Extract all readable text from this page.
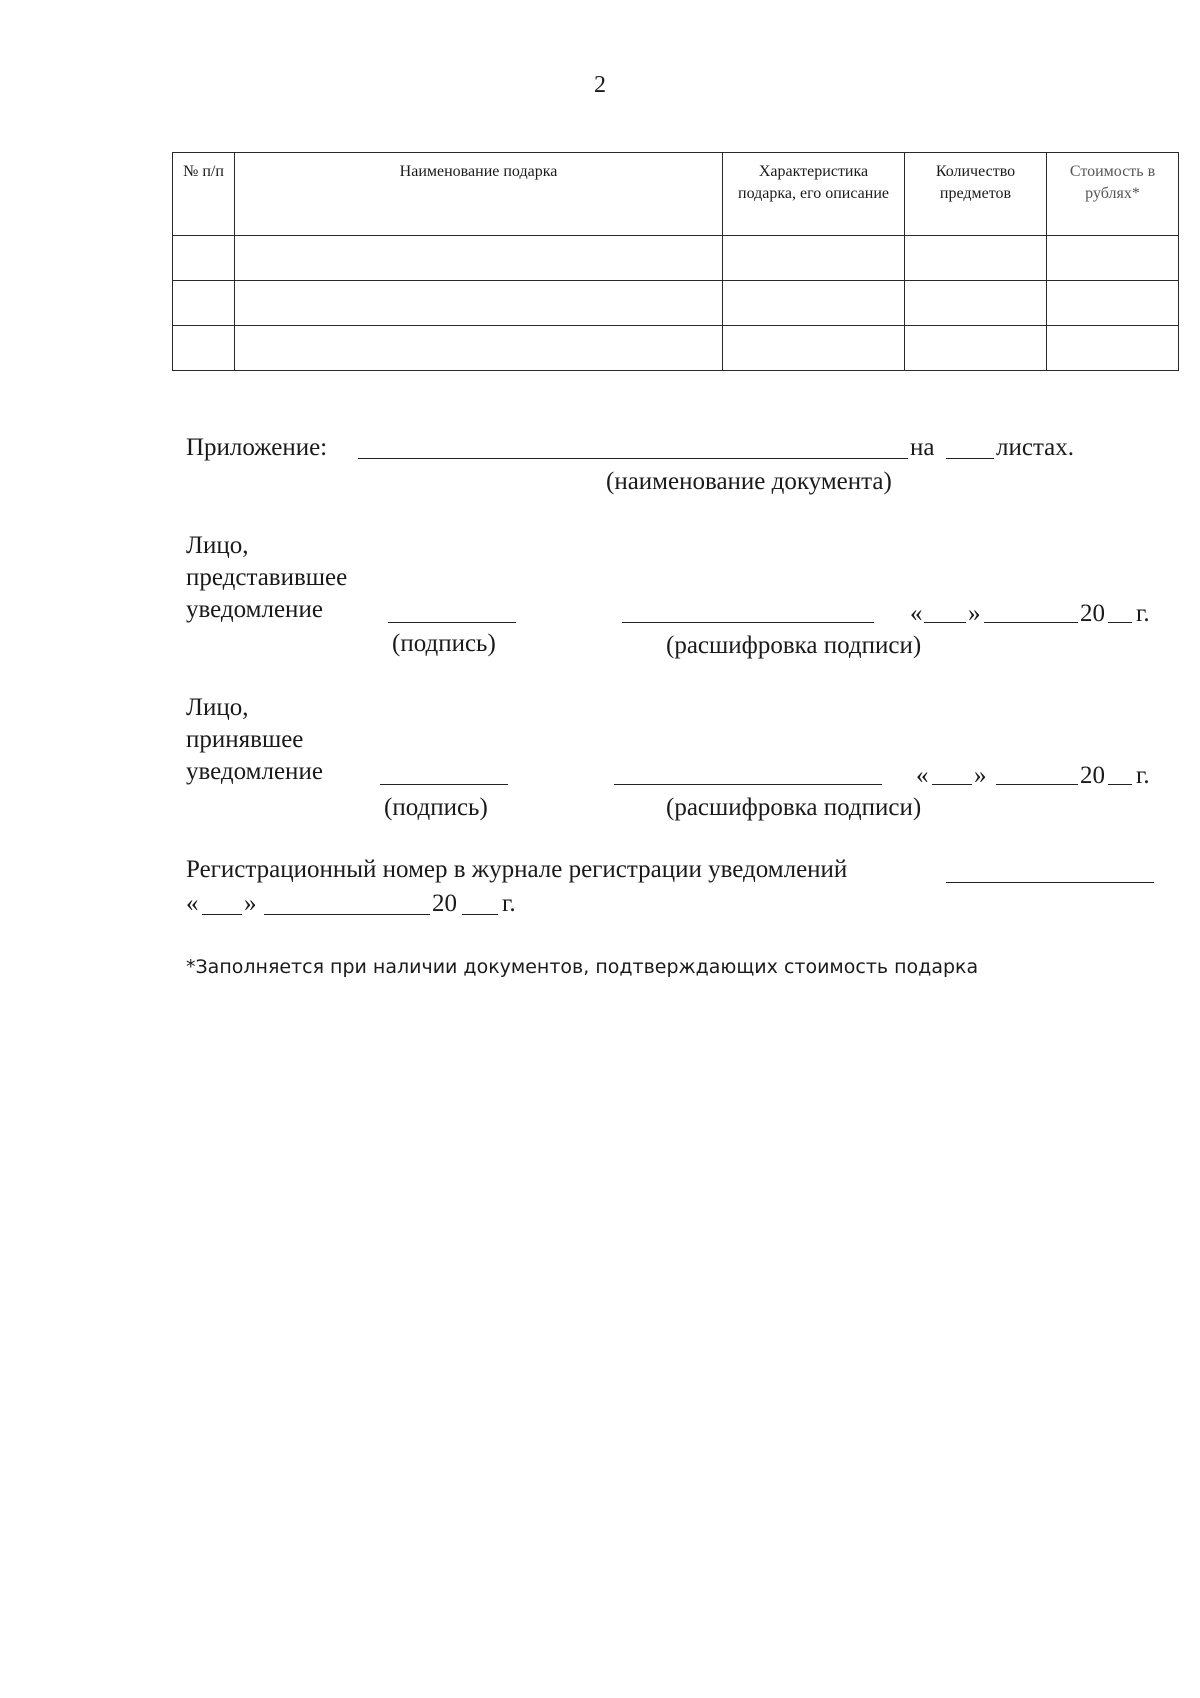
2
№ п/п	Наименование подарка	Характеристика подарка, его описание	Количество предметов	Стоимость в рублях*

Приложение:	на листах.
(наименование документа)
Лицо,
представившее
уведомление	« »	20 г.
(подпись)	(расшифровка подписи)
Лицо,
принявшее
уведомление	« »	20 г.
(подпись)	(расшифровка подписи)
Регистрационный номер в журнале регистрации уведомлений
« »	20 г.
*Заполняется при наличии документов, подтверждающих стоимость подарка
